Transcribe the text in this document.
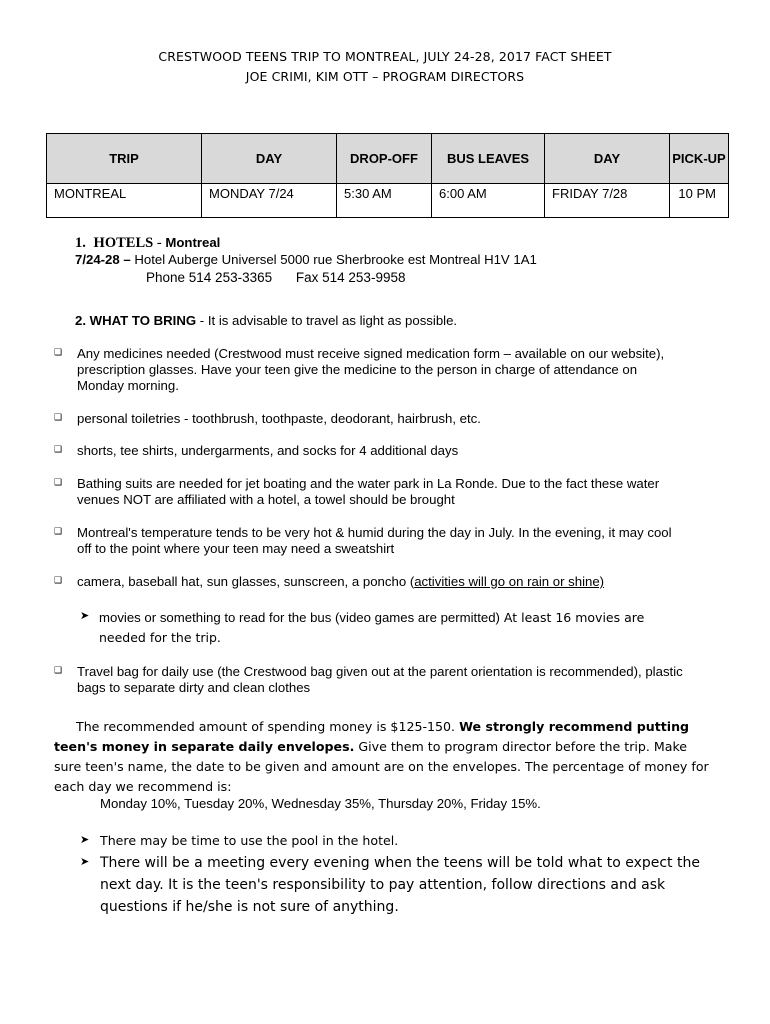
CRESTWOOD TEENS TRIP TO MONTREAL, JULY 24-28, 2017 FACT SHEET
JOE CRIMI, KIM OTT – PROGRAM DIRECTORS
TRIP	DAY	DROP-OFF	BUS LEAVES	DAY	PICK-UP
MONTREAL	MONDAY 7/24	5:30 AM	6:00 AM	FRIDAY 7/28	10 PM
1. HOTELS - Montreal
7/24-28 – Hotel Auberge Universel 5000 rue Sherbrooke est Montreal H1V 1A1
Phone 514 253-3365 Fax 514 253-9958
2. WHAT TO BRING - It is advisable to travel as light as possible.
❑ Any medicines needed (Crestwood must receive signed medication form – available on our website),
prescription glasses. Have your teen give the medicine to the person in charge of attendance on
Monday morning.
❑ personal toiletries - toothbrush, toothpaste, deodorant, hairbrush, etc.
❑ shorts, tee shirts, undergarments, and socks for 4 additional days
❑ Bathing suits are needed for jet boating and the water park in La Ronde. Due to the fact these water
venues NOT are affiliated with a hotel, a towel should be brought
❑ Montreal's temperature tends to be very hot & humid during the day in July. In the evening, it may cool
off to the point where your teen may need a sweatshirt
❑ camera, baseball hat, sun glasses, sunscreen, a poncho (activities will go on rain or shine)
➤ movies or something to read for the bus (video games are permitted) At least 16 movies are
needed for the trip.
❑ Travel bag for daily use (the Crestwood bag given out at the parent orientation is recommended), plastic
bags to separate dirty and clean clothes
The recommended amount of spending money is $125-150. We strongly recommend putting
teen's money in separate daily envelopes. Give them to program director before the trip. Make
sure teen's name, the date to be given and amount are on the envelopes. The percentage of money for
each day we recommend is:
Monday 10%, Tuesday 20%, Wednesday 35%, Thursday 20%, Friday 15%.
➤ There may be time to use the pool in the hotel.
➤ There will be a meeting every evening when the teens will be told what to expect the
next day. It is the teen's responsibility to pay attention, follow directions and ask
questions if he/she is not sure of anything.
